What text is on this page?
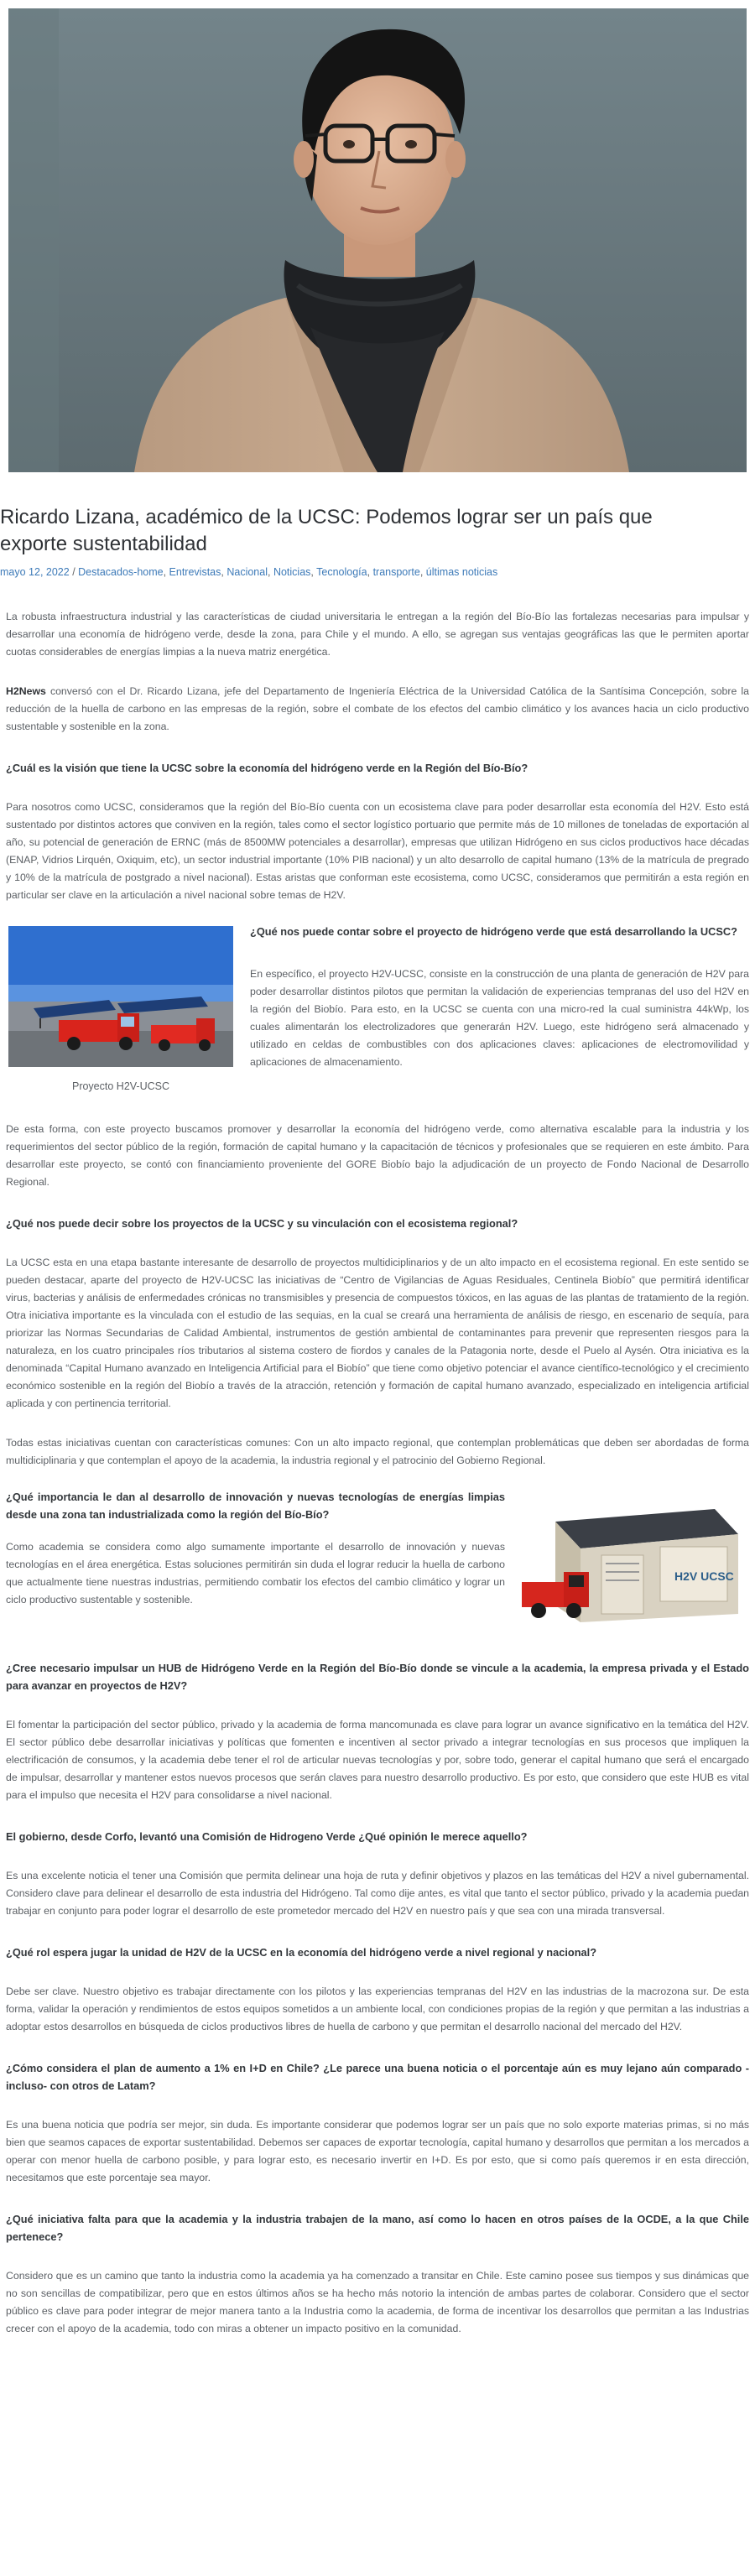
Ricardo Lizana, académico de la UCSC: Podemos lograr ser un país que exporte sustentabilidad
mayo 12, 2022 / Destacados-home, Entrevistas, Nacional, Noticias, Tecnología, transporte, últimas noticias

La robusta infraestructura industrial y las características de ciudad universitaria le entregan a la región del Bío-Bío las fortalezas necesarias para impulsar y desarrollar una economía de hidrógeno verde, desde la zona, para Chile y el mundo. A ello, se agregan sus ventajas geográficas las que le permiten aportar cuotas considerables de energías limpias a la nueva matriz energética.

H2News conversó con el Dr. Ricardo Lizana, jefe del Departamento de Ingeniería Eléctrica de la Universidad Católica de la Santísima Concepción, sobre la reducción de la huella de carbono en las empresas de la región, sobre el combate de los efectos del cambio climático y los avances hacia un ciclo productivo sustentable y sostenible en la zona.

¿Cuál es la visión que tiene la UCSC sobre la economía del hidrógeno verde en la Región del Bío-Bío?

Para nosotros como UCSC, consideramos que la región del Bío-Bío cuenta con un ecosistema clave para poder desarrollar esta economía del H2V. Esto está sustentado por distintos actores que conviven en la región, tales como el sector logístico portuario que permite más de 10 millones de toneladas de exportación al año, su potencial de generación de ERNC (más de 8500MW potenciales a desarrollar), empresas que utilizan Hidrógeno en sus ciclos productivos hace décadas (ENAP, Vidrios Lirquén, Oxiquim, etc), un sector industrial importante (10% PIB nacional) y un alto desarrollo de capital humano (13% de la matrícula de pregrado y 10% de la matrícula de postgrado a nivel nacional). Estas aristas que conforman este ecosistema, como UCSC, consideramos que permitirán a esta región en particular ser clave en la articulación a nivel nacional sobre temas de H2V.

Proyecto H2V-UCSC

¿Qué nos puede contar sobre el proyecto de hidrógeno verde que está desarrollando la UCSC?

En específico, el proyecto H2V-UCSC, consiste en la construcción de una planta de generación de H2V para poder desarrollar distintos pilotos que permitan la validación de experiencias tempranas del uso del H2V en la región del Biobío. Para esto, en la UCSC se cuenta con una micro-red la cual suministra 44kWp, los cuales alimentarán los electrolizadores que generarán H2V. Luego, este hidrógeno será almacenado y utilizado en celdas de combustibles con dos aplicaciones claves: aplicaciones de electromovilidad y aplicaciones de almacenamiento.

De esta forma, con este proyecto buscamos promover y desarrollar la economía del hidrógeno verde, como alternativa escalable para la industria y los requerimientos del sector público de la región, formación de capital humano y la capacitación de técnicos y profesionales que se requieren en este ámbito. Para desarrollar este proyecto, se contó con financiamiento proveniente del GORE Biobío bajo la adjudicación de un proyecto de Fondo Nacional de Desarrollo Regional.

¿Qué nos puede decir sobre los proyectos de la UCSC y su vinculación con el ecosistema regional?

La UCSC esta en una etapa bastante interesante de desarrollo de proyectos multidiciplinarios y de un alto impacto en el ecosistema regional. En este sentido se pueden destacar, aparte del proyecto de H2V-UCSC las iniciativas de “Centro de Vigilancias de Aguas Residuales, Centinela Biobío” que permitirá identificar virus, bacterias y análisis de enfermedades crónicas no transmisibles y presencia de compuestos tóxicos, en las aguas de las plantas de tratamiento de la región. Otra iniciativa importante es la vinculada con el estudio de las sequias, en la cual se creará una herramienta de análisis de riesgo, en escenario de sequía, para priorizar las Normas Secundarias de Calidad Ambiental, instrumentos de gestión ambiental de contaminantes para prevenir que representen riesgos para la naturaleza, en los cuatro principales ríos tributarios al sistema costero de fiordos y canales de la Patagonia norte, desde el Puelo al Aysén. Otra iniciativa es la denominada “Capital Humano avanzado en Inteligencia Artificial para el Biobío” que tiene como objetivo potenciar el avance científico-tecnológico y el crecimiento económico sostenible en la región del Biobío a través de la atracción, retención y formación de capital humano avanzado, especializado en inteligencia artificial aplicada y con pertinencia territorial.

Todas estas iniciativas cuentan con características comunes: Con un alto impacto regional, que contemplan problemáticas que deben ser abordadas de forma multidiciplinaria y que contemplan el apoyo de la academia, la industria regional y el patrocinio del Gobierno Regional.

H2V UCSC

¿Qué importancia le dan al desarrollo de innovación y nuevas tecnologías de energías limpias desde una zona tan industrializada como la región del Bío-Bío?

Como academia se considera como algo sumamente importante el desarrollo de innovación y nuevas tecnologías en el área energética. Estas soluciones permitirán sin duda el lograr reducir la huella de carbono que actualmente tiene nuestras industrias, permitiendo combatir los efectos del cambio climático y lograr un ciclo productivo sustentable y sostenible.

¿Cree necesario impulsar un HUB de Hidrógeno Verde en la Región del Bío-Bío donde se vincule a la academia, la empresa privada y el Estado para avanzar en proyectos de H2V?

El fomentar la participación del sector público, privado y la academia de forma mancomunada es clave para lograr un avance significativo en la temática del H2V. El sector público debe desarrollar iniciativas y políticas que fomenten e incentiven al sector privado a integrar tecnologías en sus procesos que impliquen la electrificación de consumos, y la academia debe tener el rol de articular nuevas tecnologías y por, sobre todo, generar el capital humano que será el encargado de impulsar, desarrollar y mantener estos nuevos procesos que serán claves para nuestro desarrollo productivo. Es por esto, que considero que este HUB es vital para el impulso que necesita el H2V para consolidarse a nivel nacional.

El gobierno, desde Corfo, levantó una Comisión de Hidrogeno Verde ¿Qué opinión le merece aquello?

Es una excelente noticia el tener una Comisión que permita delinear una hoja de ruta y definir objetivos y plazos en las temáticas del H2V a nivel gubernamental. Considero clave para delinear el desarrollo de esta industria del Hidrógeno. Tal como dije antes, es vital que tanto el sector público, privado y la academia puedan trabajar en conjunto para poder lograr el desarrollo de este prometedor mercado del H2V en nuestro país y que sea con una mirada transversal.

¿Qué rol espera jugar la unidad de H2V de la UCSC en la economía del hidrógeno verde a nivel regional y nacional?

Debe ser clave. Nuestro objetivo es trabajar directamente con los pilotos y las experiencias tempranas del H2V en las industrias de la macrozona sur. De esta forma, validar la operación y rendimientos de estos equipos sometidos a un ambiente local, con condiciones propias de la región y que permitan a las industrias a adoptar estos desarrollos en búsqueda de ciclos productivos libres de huella de carbono y que permitan el desarrollo nacional del mercado del H2V.

¿Cómo considera el plan de aumento a 1% en I+D en Chile? ¿Le parece una buena noticia o el porcentaje aún es muy lejano aún comparado -incluso- con otros de Latam?

Es una buena noticia que podría ser mejor, sin duda. Es importante considerar que podemos lograr ser un país que no solo exporte materias primas, si no más bien que seamos capaces de exportar sustentabilidad. Debemos ser capaces de exportar tecnología, capital humano y desarrollos que permitan a los mercados a operar con menor huella de carbono posible, y para lograr esto, es necesario invertir en I+D. Es por esto, que si como país queremos ir en esta dirección, necesitamos que este porcentaje sea mayor.

¿Qué iniciativa falta para que la academia y la industria trabajen de la mano, así como lo hacen en otros países de la OCDE, a la que Chile pertenece?

Considero que es un camino que tanto la industria como la academia ya ha comenzado a transitar en Chile. Este camino posee sus tiempos y sus dinámicas que no son sencillas de compatibilizar, pero que en estos últimos años se ha hecho más notorio la intención de ambas partes de colaborar. Considero que el sector público es clave para poder integrar de mejor manera tanto a la Industria como la academia, de forma de incentivar los desarrollos que permitan a las Industrias crecer con el apoyo de la academia, todo con miras a obtener un impacto positivo en la comunidad.
